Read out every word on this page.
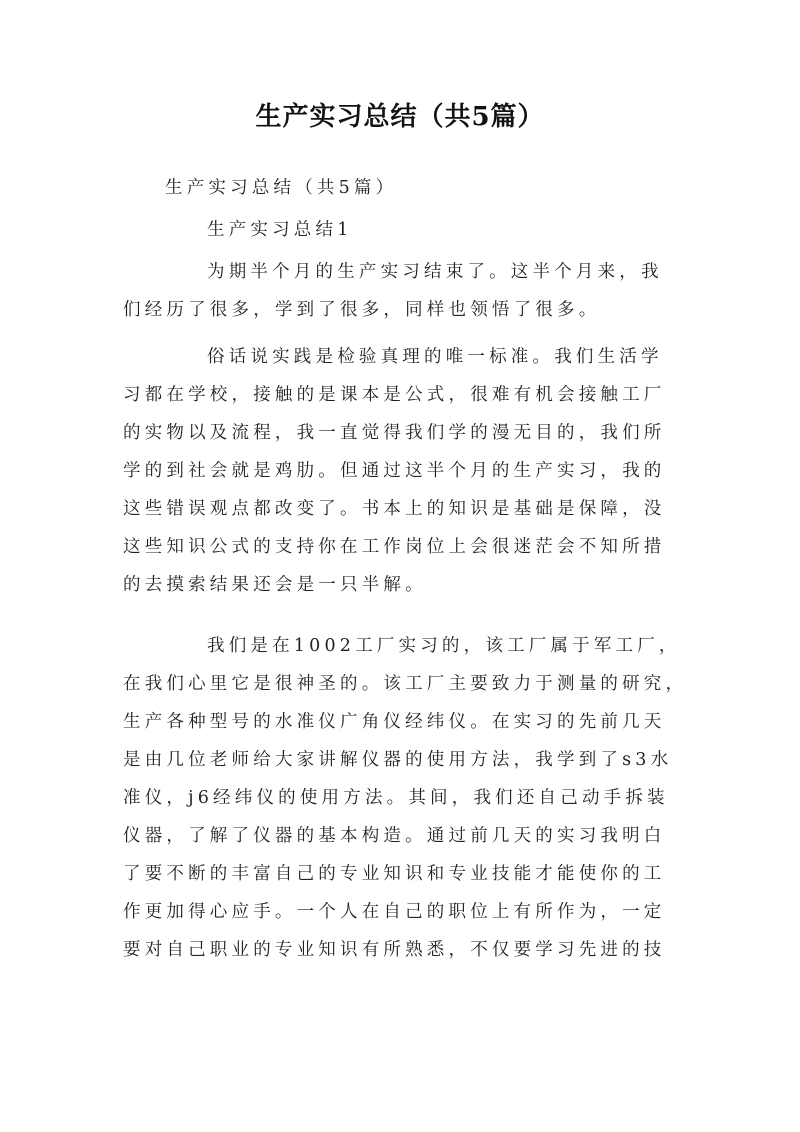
生产实习总结（共5篇）
生产实习总结（共5篇）
生产实习总结1
为期半个月的生产实习结束了。这半个月来，我
们经历了很多，学到了很多，同样也领悟了很多。
俗话说实践是检验真理的唯一标准。我们生活学
习都在学校，接触的是课本是公式，很难有机会接触工厂
的实物以及流程，我一直觉得我们学的漫无目的，我们所
学的到社会就是鸡肋。但通过这半个月的生产实习，我的
这些错误观点都改变了。书本上的知识是基础是保障，没
这些知识公式的支持你在工作岗位上会很迷茫会不知所措
的去摸索结果还会是一只半解。
我们是在1002工厂实习的，该工厂属于军工厂，
在我们心里它是很神圣的。该工厂主要致力于测量的研究，
生产各种型号的水准仪广角仪经纬仪。在实习的先前几天
是由几位老师给大家讲解仪器的使用方法，我学到了s3水
准仪，j6经纬仪的使用方法。其间，我们还自己动手拆装
仪器，了解了仪器的基本构造。通过前几天的实习我明白
了要不断的丰富自己的专业知识和专业技能才能使你的工
作更加得心应手。一个人在自己的职位上有所作为，一定
要对自己职业的专业知识有所熟悉，不仅要学习先进的技
